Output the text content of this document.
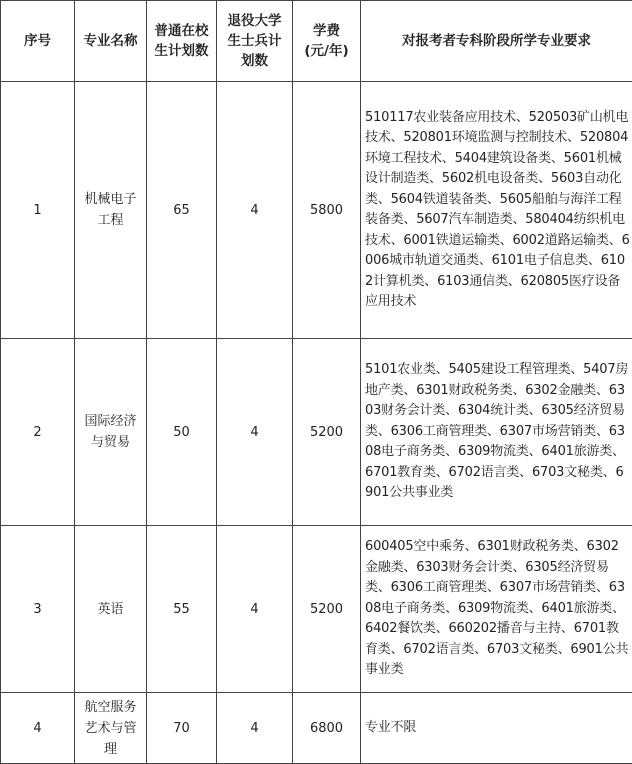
序号	专业名称	普通在校生计划数	退役大学生士兵计划数	学费(元/年)	对报考者专科阶段所学专业要求
1	机械电子工程	65	4	5800	510117农业装备应用技术、520503矿山机电技术、520801环境监测与控制技术、520804环境工程技术、5404建筑设备类、5601机械设计制造类、5602机电设备类、5603自动化类、5604铁道装备类、5605船舶与海洋工程装备类、5607汽车制造类、580404纺织机电技术、6001铁道运输类、6002道路运输类、6006城市轨道交通类、6101电子信息类、6102计算机类、6103通信类、620805医疗设备应用技术
2	国际经济与贸易	50	4	5200	5101农业类、5405建设工程管理类、5407房地产类、6301财政税务类、6302金融类、6303财务会计类、6304统计类、6305经济贸易类、6306工商管理类、6307市场营销类、6308电子商务类、6309物流类、6401旅游类、6701教育类、6702语言类、6703文秘类、6901公共事业类
3	英语	55	4	5200	600405空中乘务、6301财政税务类、6302金融类、6303财务会计类、6305经济贸易类、6306工商管理类、6307市场营销类、6308电子商务类、6309物流类、6401旅游类、6402餐饮类、660202播音与主持、6701教育类、6702语言类、6703文秘类、6901公共事业类
4	航空服务艺术与管理	70	4	6800	专业不限
